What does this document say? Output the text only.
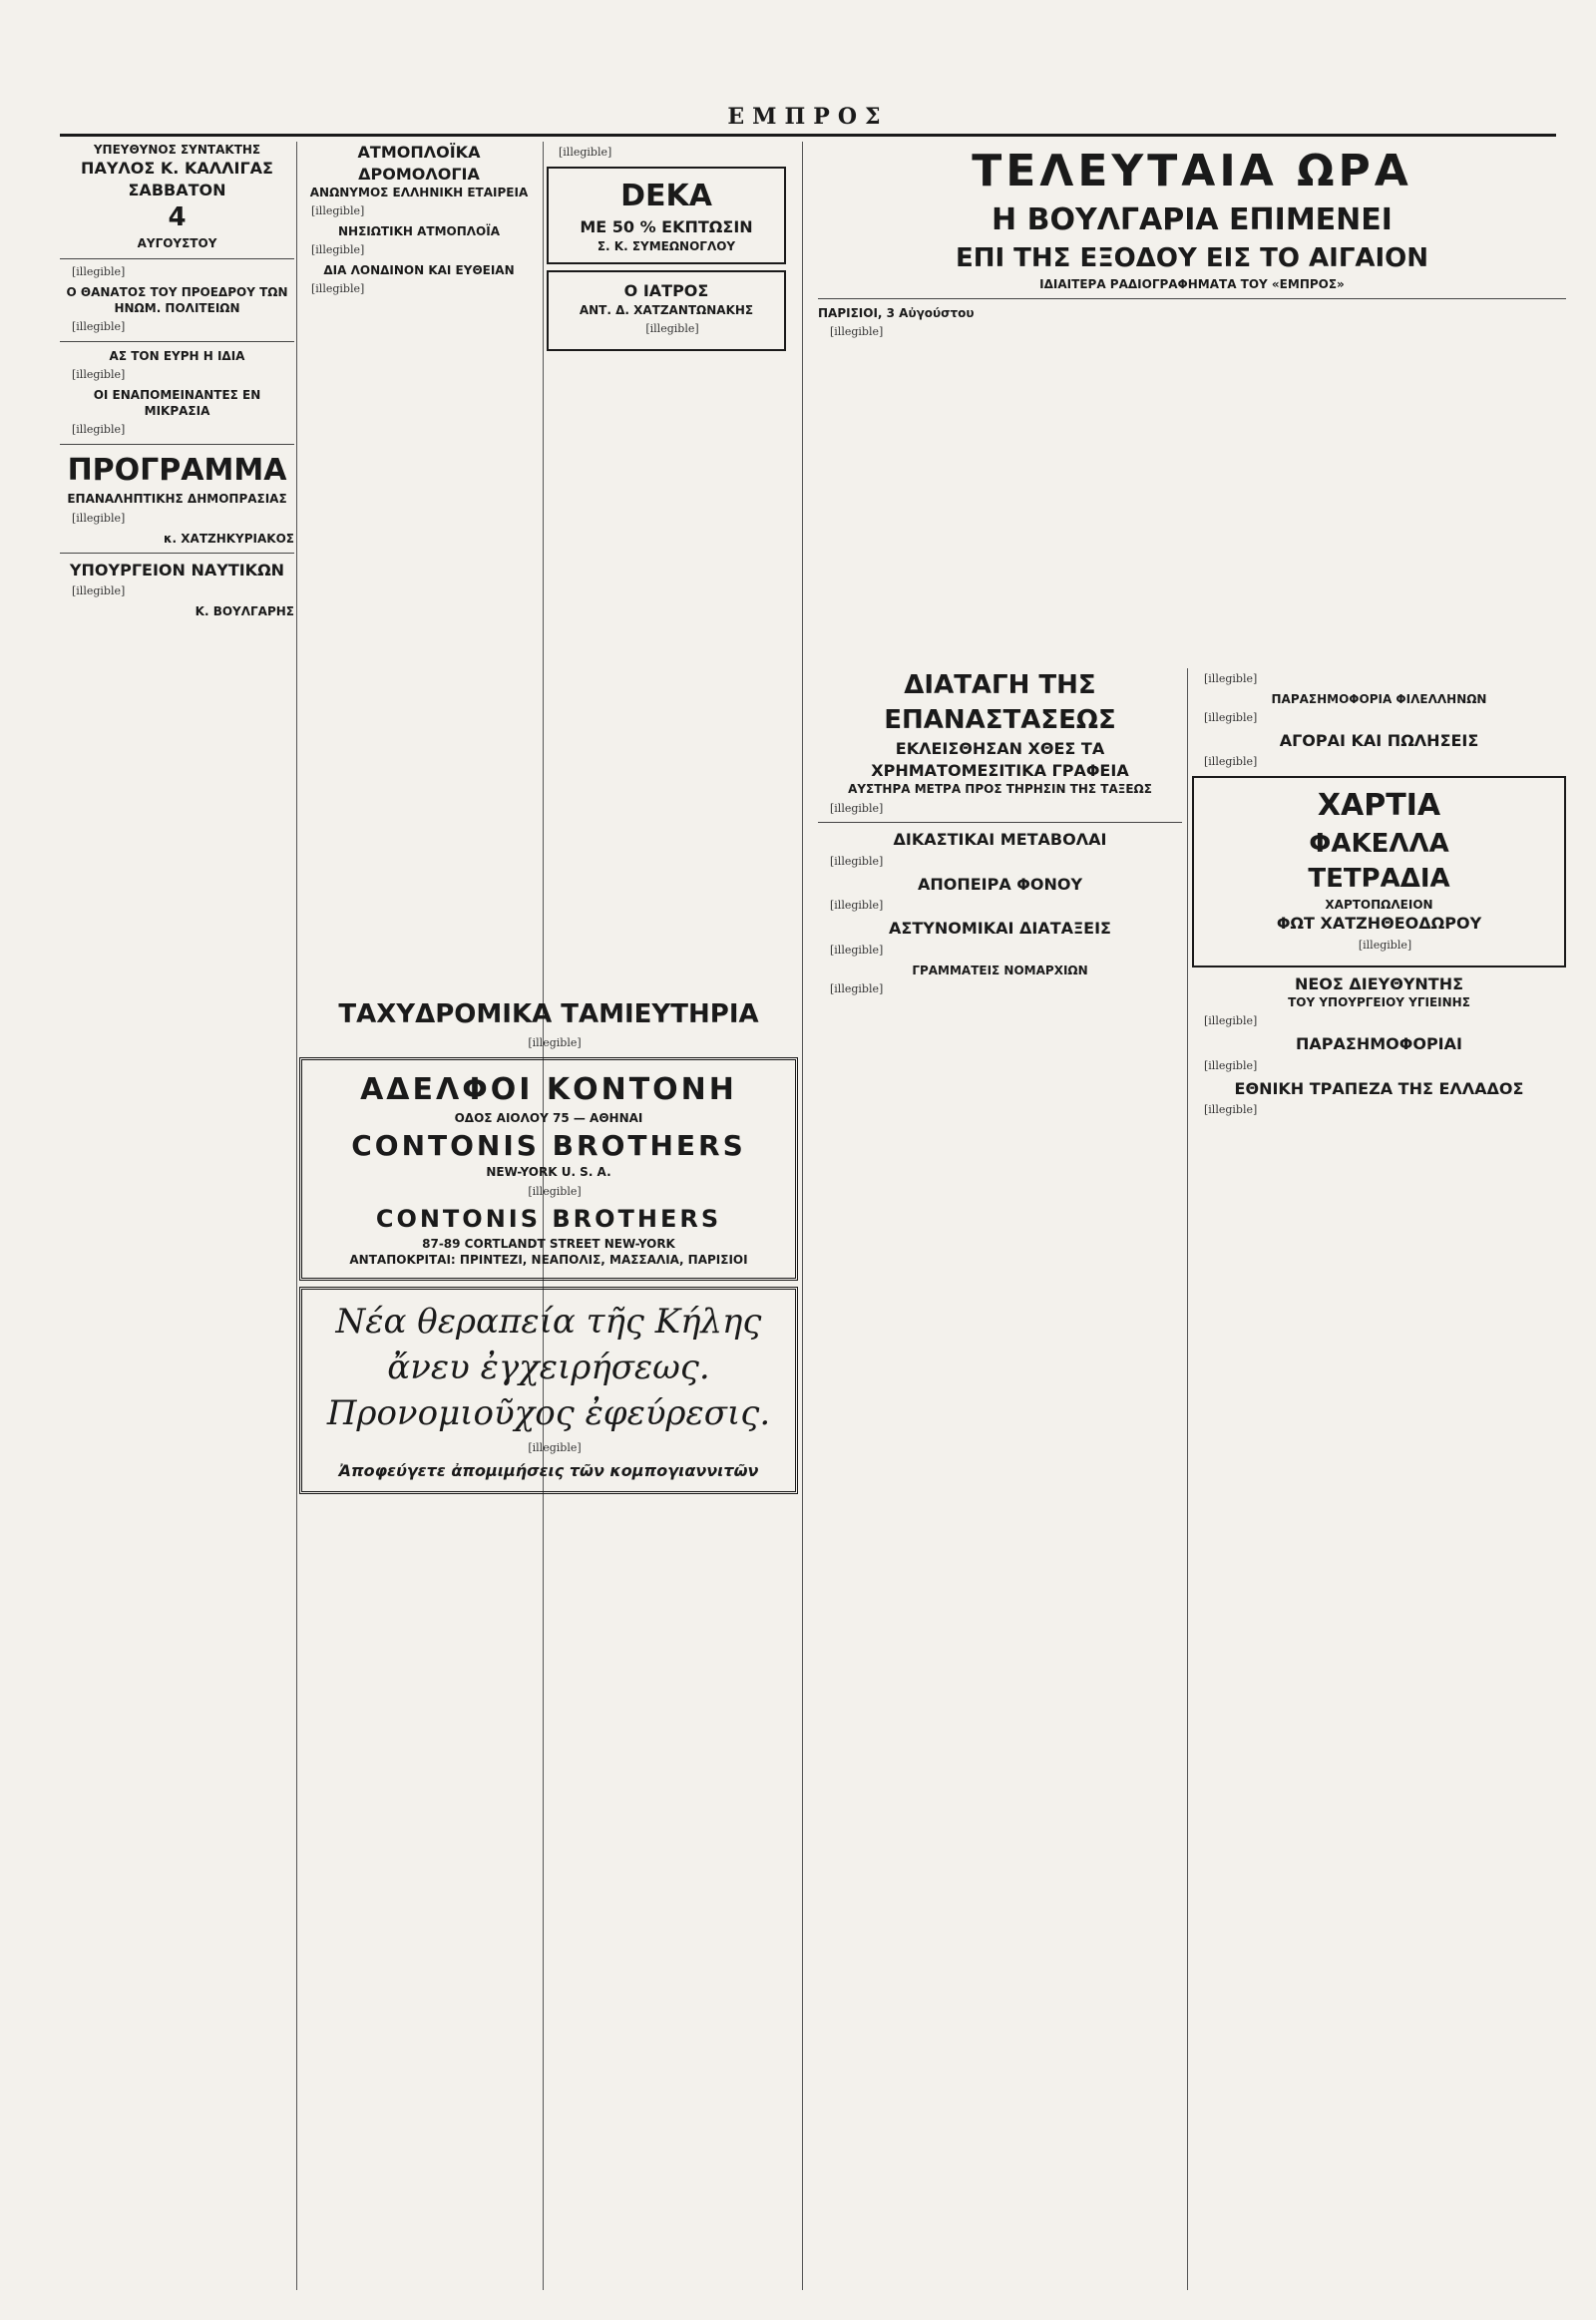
ΕΜΠΡΟΣ
ΥΠΕΥΘΥΝΟΣ ΣΥΝΤΑΚΤΗΣ
ΠΑΥΛΟΣ Κ. ΚΑΛΛΙΓΑΣ
ΣΑΒΒΑΤΟΝ
4
ΑΥΓΟΥΣΤΟΥ

[illegible]

Ο ΘΑΝΑΤΟΣ ΤΟΥ ΠΡΟΕΔΡΟΥ ΤΩΝ ΗΝΩΜ. ΠΟΛΙΤΕΙΩΝ

[illegible]

ΑΣ ΤΟΝ ΕΥΡΗ Η ΙΔΙΑ

[illegible]

ΟΙ ΕΝΑΠΟΜΕΙΝΑΝΤΕΣ ΕΝ ΜΙΚΡΑΣΙΑ

[illegible]

ΠΡΟΓΡΑΜΜΑ
ΕΠΑΝΑΛΗΠΤΙΚΗΣ ΔΗΜΟΠΡΑΣΙΑΣ

[illegible]

κ. ΧΑΤΖΗΚΥΡΙΑΚΟΣ
ΥΠΟΥΡΓΕΙΟΝ ΝΑΥΤΙΚΩΝ

[illegible]

Κ. ΒΟΥΛΓΑΡΗΣ
ΑΤΜΟΠΛΟΪΚΑ ΔΡΟΜΟΛΟΓΙΑ
ΑΝΩΝΥΜΟΣ ΕΛΛΗΝΙΚΗ ΕΤΑΙΡΕΙΑ

[illegible]

ΝΗΣΙΩΤΙΚΗ ΑΤΜΟΠΛΟΪΑ

[illegible]

ΔΙΑ ΛΟΝΔΙΝΟΝ ΚΑΙ ΕΥΘΕΙΑΝ

[illegible]

[illegible]

DEKA
ΜΕ 50 % ΕΚΠΤΩΣΙΝ
Σ. Κ. ΣΥΜΕΩΝΟΓΛΟΥ
Ο ΙΑΤΡΟΣ
ΑΝΤ. Δ. ΧΑΤΖΑΝΤΩΝΑΚΗΣ

[illegible]

ΤΑΧΥΔΡΟΜΙΚΑ ΤΑΜΙΕΥΤΗΡΙΑ

[illegible]

ΑΔΕΛΦΟΙ ΚΟΝΤΟΝΗ
ΟΔΟΣ ΑΙΟΛΟΥ 75 — ΑΘΗΝΑΙ
CONTONIS BROTHERS
NEW-YORK U. S. A.

[illegible]

CONTONIS BROTHERS
87-89 CORTLANDT STREET NEW-YORK
ΑΝΤΑΠΟΚΡΙΤΑΙ: ΠΡΙΝΤΕΖΙ, ΝΕΑΠΟΛΙΣ, ΜΑΣΣΑΛΙΑ, ΠΑΡΙΣΙΟΙ
Νέα θεραπεία τῆς Κήλης
ἄνευ ἐγχειρήσεως.
Προνομιοῦχος ἐφεύρεσις.

[illegible]

Ἀποφεύγετε ἀπομιμήσεις τῶν κομπογιαννιτῶν
ΤΕΛΕΥΤΑΙΑ ΩΡΑ
Η ΒΟΥΛΓΑΡΙΑ ΕΠΙΜΕΝΕΙ
ΕΠΙ ΤΗΣ ΕΞΟΔΟΥ ΕΙΣ ΤΟ ΑΙΓΑΙΟΝ
ΙΔΙΑΙΤΕΡΑ ΡΑΔΙΟΓΡΑΦΗΜΑΤΑ ΤΟΥ «ΕΜΠΡΟΣ»
ΠΑΡΙΣΙΟΙ, 3 Αὐγούστου

[illegible]

ΔΙΑΤΑΓΗ ΤΗΣ ΕΠΑΝΑΣΤΑΣΕΩΣ
ΕΚΛΕΙΣΘΗΣΑΝ ΧΘΕΣ ΤΑ ΧΡΗΜΑΤΟΜΕΣΙΤΙΚΑ ΓΡΑΦΕΙΑ
ΑΥΣΤΗΡΑ ΜΕΤΡΑ ΠΡΟΣ ΤΗΡΗΣΙΝ ΤΗΣ ΤΑΞΕΩΣ

[illegible]

ΔΙΚΑΣΤΙΚΑΙ ΜΕΤΑΒΟΛΑΙ

[illegible]

ΑΠΟΠΕΙΡΑ ΦΟΝΟΥ

[illegible]

ΑΣΤΥΝΟΜΙΚΑΙ ΔΙΑΤΑΞΕΙΣ

[illegible]

ΓΡΑΜΜΑΤΕΙΣ ΝΟΜΑΡΧΙΩΝ

[illegible]

[illegible]

ΠΑΡΑΣΗΜΟΦΟΡΙΑ ΦΙΛΕΛΛΗΝΩΝ

[illegible]

ΑΓΟΡΑΙ ΚΑΙ ΠΩΛΗΣΕΙΣ

[illegible]

ΧΑΡΤΙΑ
ΦΑΚΕΛΛΑ
ΤΕΤΡΑΔΙΑ
ΧΑΡΤΟΠΩΛΕΙΟΝ
ΦΩΤ ΧΑΤΖΗΘΕΟΔΩΡΟΥ

[illegible]

ΝΕΟΣ ΔΙΕΥΘΥΝΤΗΣ
ΤΟΥ ΥΠΟΥΡΓΕΙΟΥ ΥΓΙΕΙΝΗΣ

[illegible]

ΠΑΡΑΣΗΜΟΦΟΡΙΑΙ

[illegible]

ΕΘΝΙΚΗ ΤΡΑΠΕΖΑ ΤΗΣ ΕΛΛΑΔΟΣ

[illegible]
